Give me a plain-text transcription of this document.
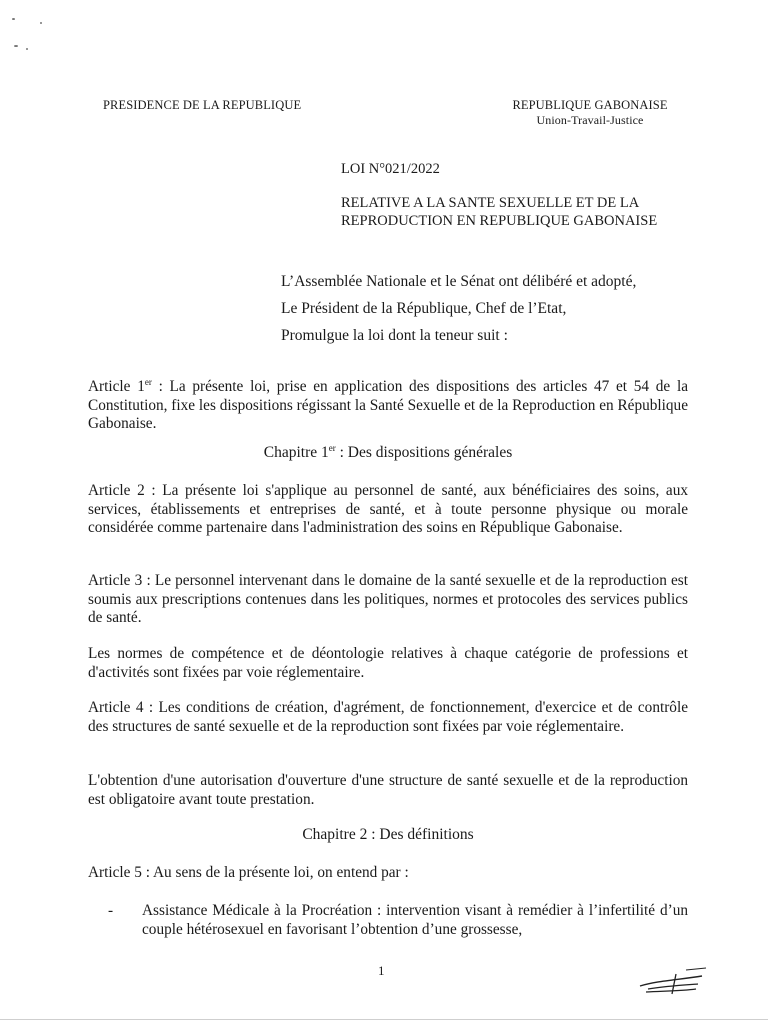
PRESIDENCE DE LA REPUBLIQUE	REPUBLIQUE GABONAISE
Union-Travail-Justice
LOI N°021/2022
RELATIVE A LA SANTE SEXUELLE ET DE LA
REPRODUCTION EN REPUBLIQUE GABONAISE

L’Assemblée Nationale et le Sénat ont délibéré et adopté,

Le Président de la République, Chef de l’Etat,

Promulgue la loi dont la teneur suit :

Article 1er : La présente loi, prise en application des dispositions des articles 47 et 54 de la Constitution, fixe les dispositions régissant la Santé Sexuelle et de la Reproduction en République Gabonaise.

Chapitre 1er : Des dispositions générales

Article 2 : La présente loi s'applique au personnel de santé, aux bénéficiaires des soins, aux services, établissements et entreprises de santé, et à toute personne physique ou morale considérée comme partenaire dans l'administration des soins en République Gabonaise.

Article 3 : Le personnel intervenant dans le domaine de la santé sexuelle et de la reproduction est soumis aux prescriptions contenues dans les politiques, normes et protocoles des services publics de santé.

Les normes de compétence et de déontologie relatives à chaque catégorie de professions et d'activités sont fixées par voie réglementaire.

Article 4 : Les conditions de création, d'agrément, de fonctionnement, d'exercice et de contrôle des structures de santé sexuelle et de la reproduction sont fixées par voie réglementaire.

L'obtention d'une autorisation d'ouverture d'une structure de santé sexuelle et de la reproduction est obligatoire avant toute prestation.

Chapitre 2 : Des définitions

Article 5 : Au sens de la présente loi, on entend par :

-	Assistance Médicale à la Procréation : intervention visant à remédier à l’infertilité d’un couple hétérosexuel en favorisant l’obtention d’une grossesse,
1
